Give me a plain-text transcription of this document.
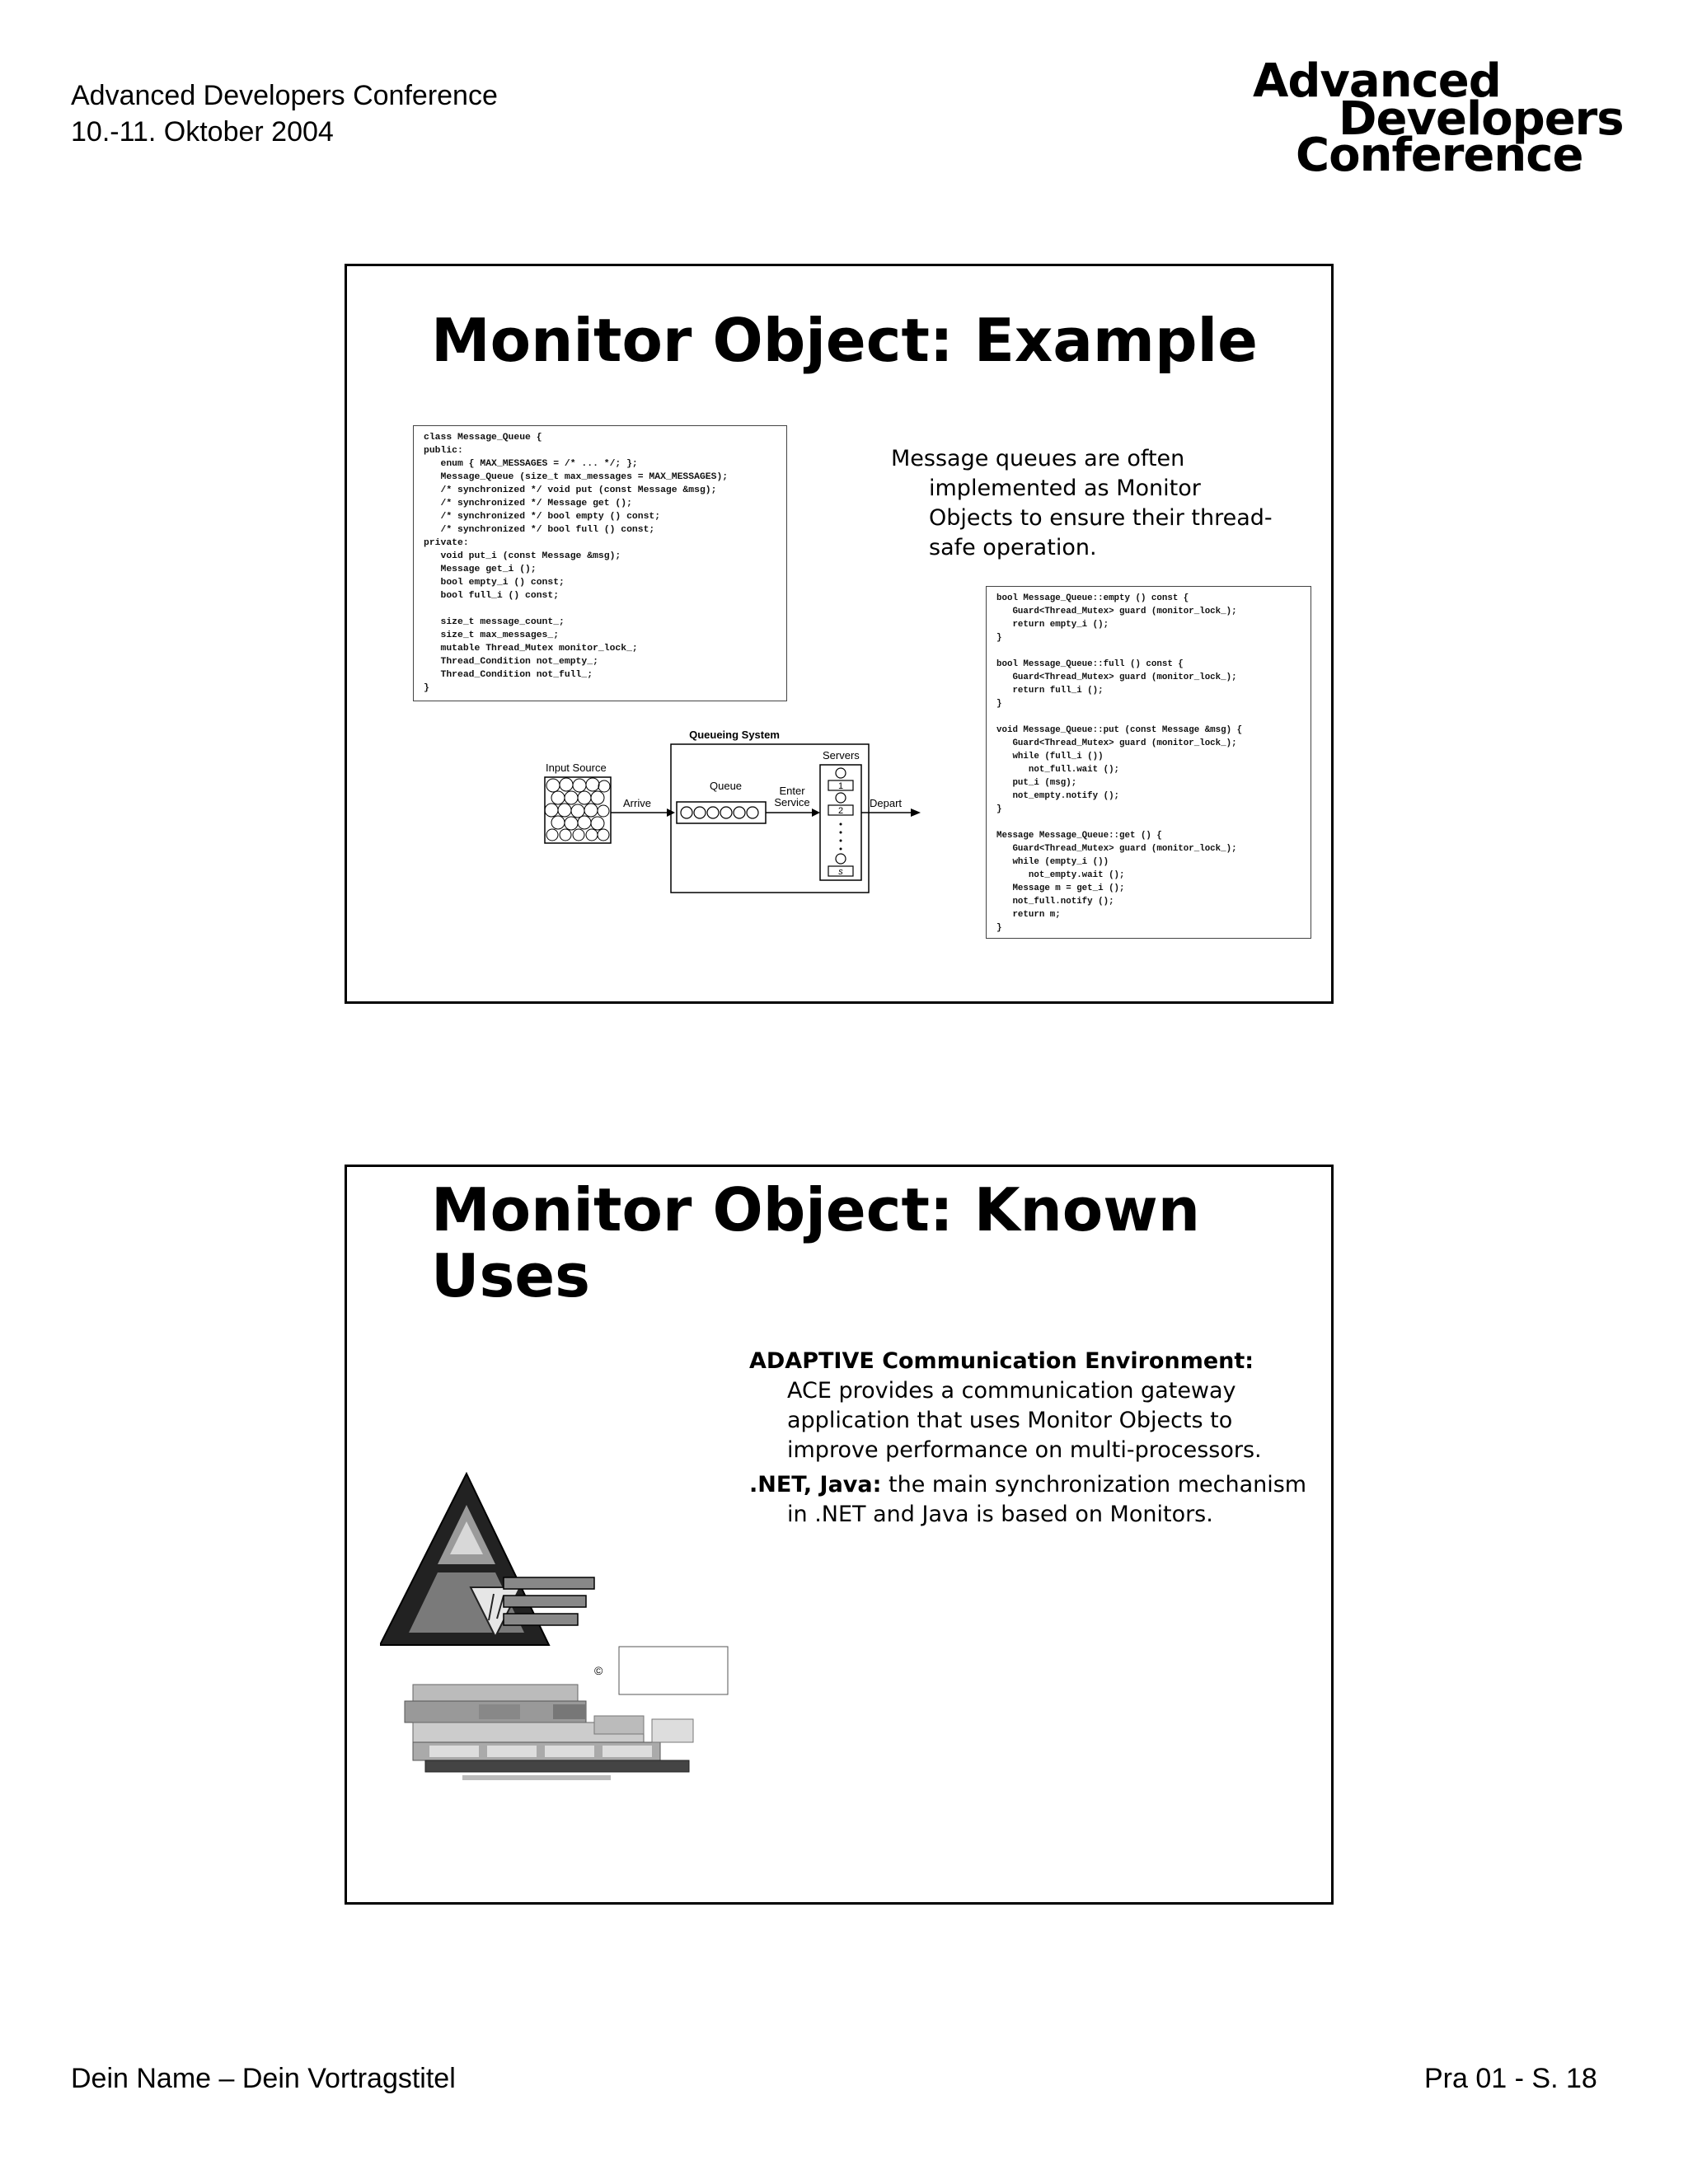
Advanced Developers Conference
10.-11. Oktober 2004
Advanced
Developers
Conference
Monitor Object: Example
class Message_Queue {
public:
enum { MAX_MESSAGES = /* ... */; };
Message_Queue (size_t max_messages = MAX_MESSAGES);
/* synchronized */ void put (const Message &msg);
/* synchronized */ Message get ();
/* synchronized */ bool empty () const;
/* synchronized */ bool full () const;
private:
void put_i (const Message &msg);
Message get_i ();
bool empty_i () const;
bool full_i () const;

size_t message_count_;
size_t max_messages_;
mutable Thread_Mutex monitor_lock_;
Thread_Condition not_empty_;
Thread_Condition not_full_;
}

Message queues are often implemented as Monitor Objects to ensure their thread-safe operation.

bool Message_Queue::empty () const {
Guard<Thread_Mutex> guard (monitor_lock_);
return empty_i ();
}

bool Message_Queue::full () const {
Guard<Thread_Mutex> guard (monitor_lock_);
return full_i ();
}

void Message_Queue::put (const Message &msg) {
Guard<Thread_Mutex> guard (monitor_lock_);
while (full_i ())
not_full.wait ();
put_i (msg);
not_empty.notify ();
}

Message Message_Queue::get () {
Guard<Thread_Mutex> guard (monitor_lock_);
while (empty_i ())
not_empty.wait ();
Message m = get_i ();
not_full.notify ();
return m;
}
Queueing System
Input Source
Arrive
Queue	Enter
Service
Servers
1
2
s
Depart
Monitor Object: Known
Uses

ADAPTIVE Communication Environment:
ACE provides a communication gateway application that uses Monitor Objects to improve performance on multi-processors.

.NET, Java: the main synchronization mechanism in .NET and Java is based on Monitors.

©
Dein Name – Dein Vortragstitel	Pra 01 - S. 18
